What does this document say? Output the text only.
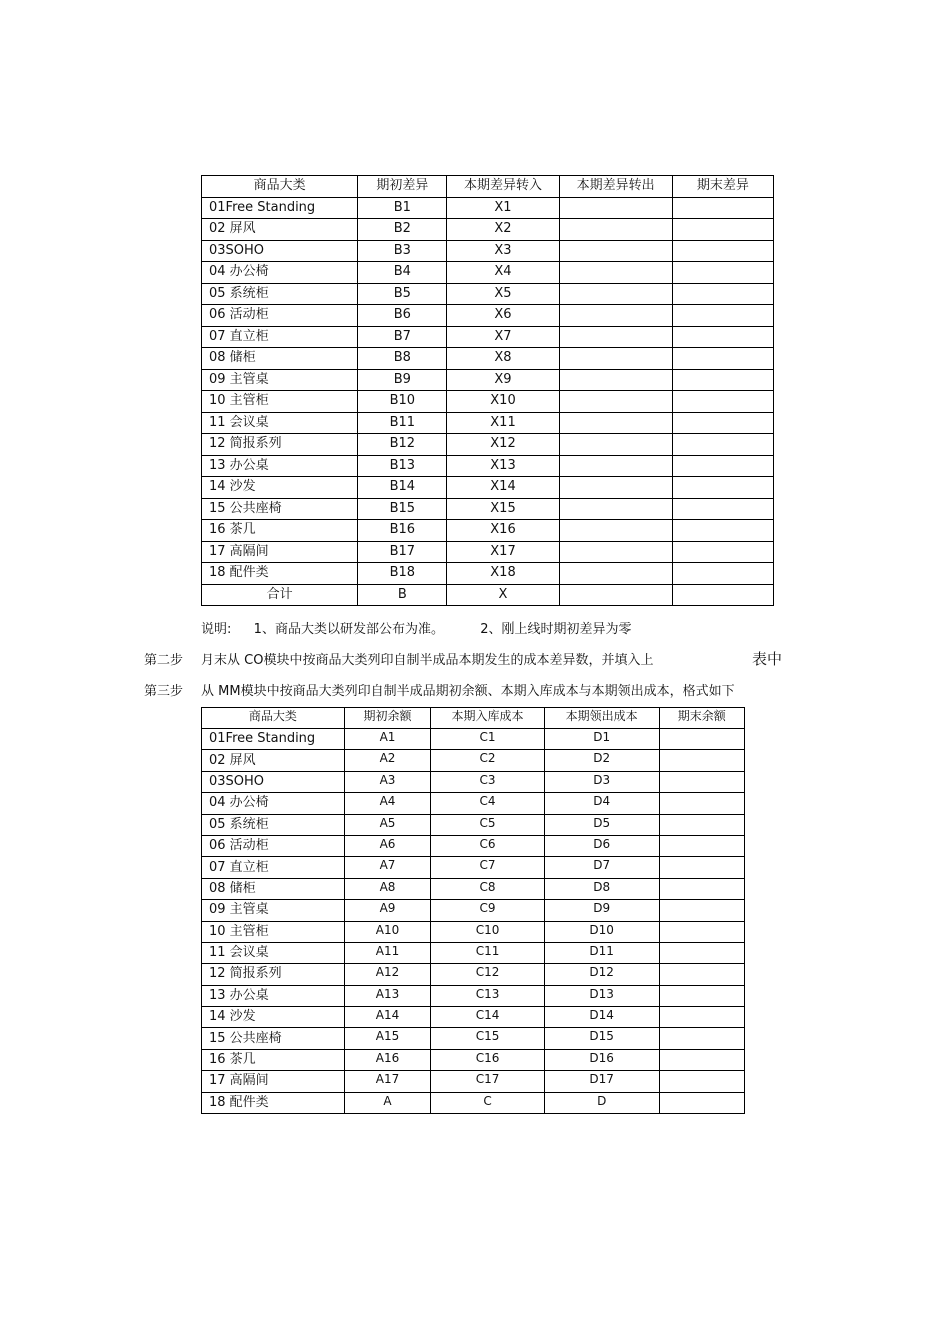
商品大类	期初差异	本期差异转入	本期差异转出	期末差异
01Free Standing	B1	X1		
02 屏风	B2	X2		
03SOHO	B3	X3		
04 办公椅	B4	X4		
05 系统柜	B5	X5		
06 活动柜	B6	X6		
07 直立柜	B7	X7		
08 储柜	B8	X8		
09 主管桌	B9	X9		
10 主管柜	B10	X10		
11 会议桌	B11	X11		
12 简报系列	B12	X12		
13 办公桌	B13	X13		
14 沙发	B14	X14		
15 公共座椅	B15	X15		
16 茶几	B16	X16		
17 高隔间	B17	X17		
18 配件类	B18	X18		
合计	B	X		
说明: 1、商品大类以研发部公布为准。	2、刚上线时期初差异为零
第二步 月末从 CO模块中按商品大类列印自制半成品本期发生的成本差异数，并填入上	表中
第三步 从 MM模块中按商品大类列印自制半成品期初余额、本期入库成本与本期领出成本，格式如下
商品大类	期初余额	本期入库成本	本期领出成本	期末余额
01Free Standing	A1	C1	D1	
02 屏风	A2	C2	D2	
03SOHO	A3	C3	D3	
04 办公椅	A4	C4	D4	
05 系统柜	A5	C5	D5	
06 活动柜	A6	C6	D6	
07 直立柜	A7	C7	D7	
08 储柜	A8	C8	D8	
09 主管桌	A9	C9	D9	
10 主管柜	A10	C10	D10	
11 会议桌	A11	C11	D11	
12 简报系列	A12	C12	D12	
13 办公桌	A13	C13	D13	
14 沙发	A14	C14	D14	
15 公共座椅	A15	C15	D15	
16 茶几	A16	C16	D16	
17 高隔间	A17	C17	D17	
18 配件类	A	C	D	
